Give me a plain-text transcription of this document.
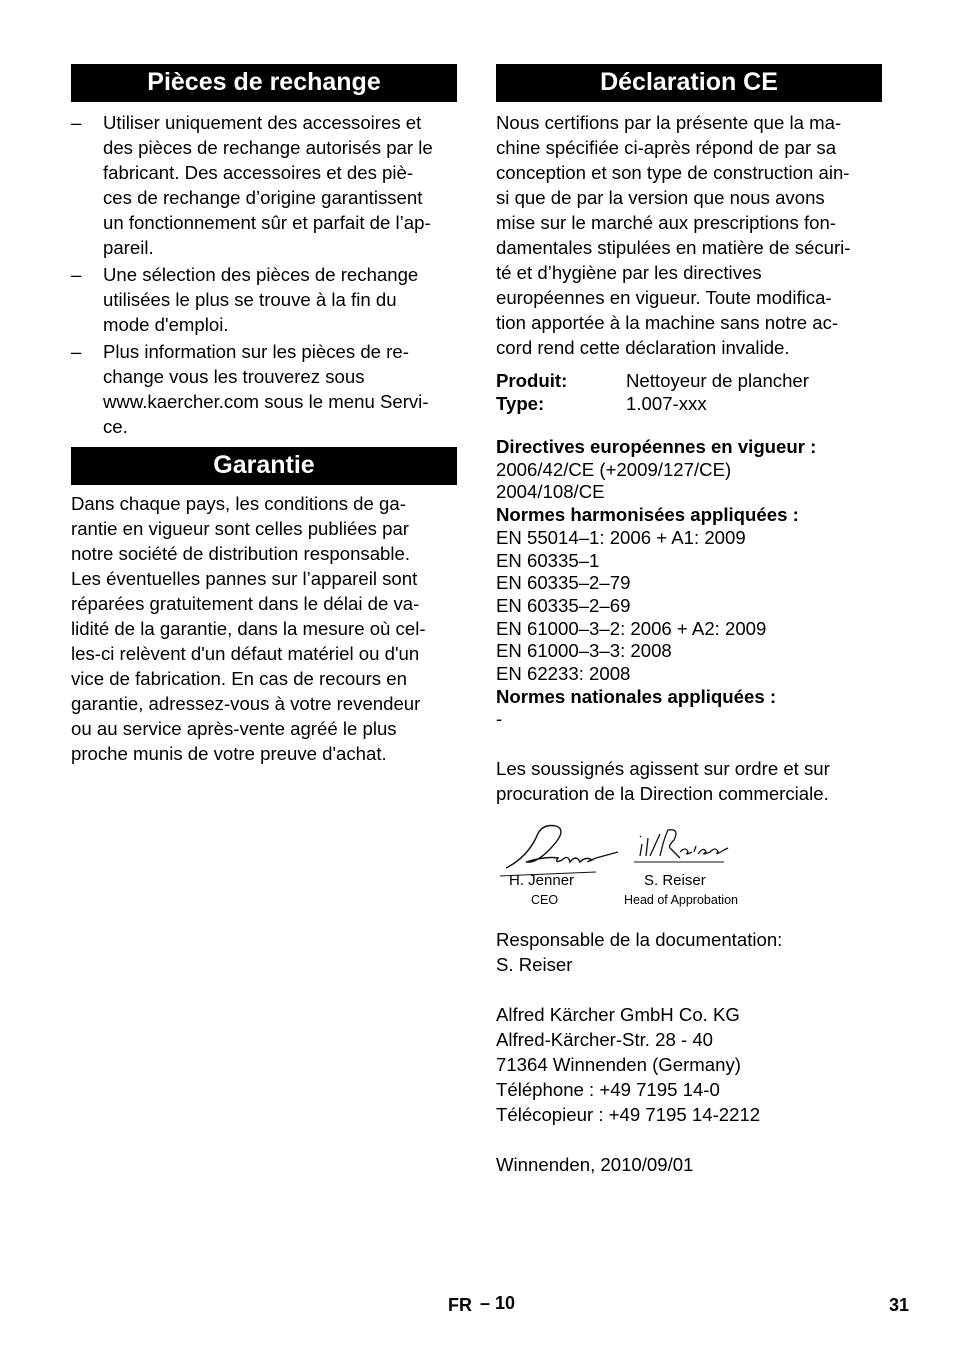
Pièces de rechange
– Utiliser uniquement des accessoires et
des pièces de rechange autorisés par le
fabricant. Des accessoires et des piè-
ces de rechange d’origine garantissent
un fonctionnement sûr et parfait de l’ap-
pareil.
– Une sélection des pièces de rechange
utilisées le plus se trouve à la fin du
mode d'emploi.
– Plus information sur les pièces de re-
change vous les trouverez sous
www.kaercher.com sous le menu Servi-
ce.
Garantie

Dans chaque pays, les conditions de ga-

rantie en vigueur sont celles publiées par

notre société de distribution responsable.

Les éventuelles pannes sur l’appareil sont

réparées gratuitement dans le délai de va-

lidité de la garantie, dans la mesure où cel-

les-ci relèvent d'un défaut matériel ou d'un

vice de fabrication. En cas de recours en

garantie, adressez-vous à votre revendeur

ou au service après-vente agréé le plus

proche munis de votre preuve d'achat.

Déclaration CE

Nous certifions par la présente que la ma-

chine spécifiée ci-après répond de par sa

conception et son type de construction ain-

si que de par la version que nous avons

mise sur le marché aux prescriptions fon-

damentales stipulées en matière de sécuri-

té et d’hygiène par les directives

européennes en vigueur. Toute modifica-

tion apportée à la machine sans notre ac-

cord rend cette déclaration invalide.

Produit:	Nettoyeur de plancher
Type:	1.007-xxx
Directives européennes en vigueur :
2006/42/CE (+2009/127/CE)
2004/108/CE
Normes harmonisées appliquées :
EN 55014–1: 2006 + A1: 2009
EN 60335–1
EN 60335–2–79
EN 60335–2–69
EN 61000–3–2: 2006 + A2: 2009
EN 61000–3–3: 2008
EN 62233: 2008
Normes nationales appliquées :
-

Les soussignés agissent sur ordre et sur

procuration de la Direction commerciale.

H. Jenner
CEO
S. Reiser
Head of Approbation

Responsable de la documentation:

S. Reiser

Alfred Kärcher GmbH Co. KG

Alfred-Kärcher-Str. 28 - 40

71364 Winnenden (Germany)

Téléphone : +49 7195 14-0

Télécopieur : +49 7195 14-2212

Winnenden, 2010/09/01

FR – 10	31
